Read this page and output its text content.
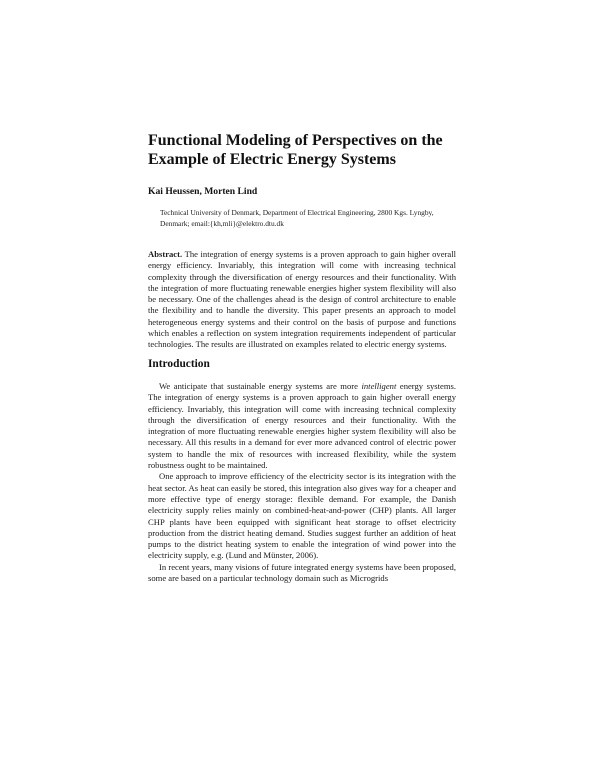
Functional Modeling of Perspectives on the
Example of Electric Energy Systems
Kai Heussen, Morten Lind
Technical University of Denmark, Department of Electrical Engineering, 2800 Kgs. Lyngby,
Denmark; email:{kh,mli}@elektro.dtu.dk

Abstract. The integration of energy systems is a proven approach to gain higher overall energy efficiency. Invariably, this integration will come with increasing technical complexity through the diversification of energy resources and their functionality. With the integration of more fluctuating renewable energies higher system flexibility will also be necessary. One of the challenges ahead is the design of control architecture to enable the flexibility and to handle the diversity. This paper presents an approach to model heterogeneous energy systems and their control on the basis of purpose and functions which enables a reflection on system integration requirements independent of particular technologies. The results are illustrated on examples related to electric energy systems.

Introduction

We anticipate that sustainable energy systems are more intelligent energy systems. The integration of energy systems is a proven approach to gain higher overall energy efficiency. Invariably, this integration will come with increasing technical complexity through the diversification of energy resources and their functionality. With the integration of more fluctuating renewable energies higher system flexibility will also be necessary. All this results in a demand for ever more advanced control of electric power system to handle the mix of resources with increased flexibility, while the system robustness ought to be maintained.

One approach to improve efficiency of the electricity sector is its integration with the heat sector. As heat can easily be stored, this integration also gives way for a cheaper and more effective type of energy storage: flexible demand. For example, the Danish electricity supply relies mainly on combined-heat-and-power (CHP) plants. All larger CHP plants have been equipped with significant heat storage to offset electricity production from the district heating demand. Studies suggest further an addition of heat pumps to the district heating system to enable the integration of wind power into the electricity supply, e.g. (Lund and Münster, 2006).

In recent years, many visions of future integrated energy systems have been proposed, some are based on a particular technology domain such as Microgrids
